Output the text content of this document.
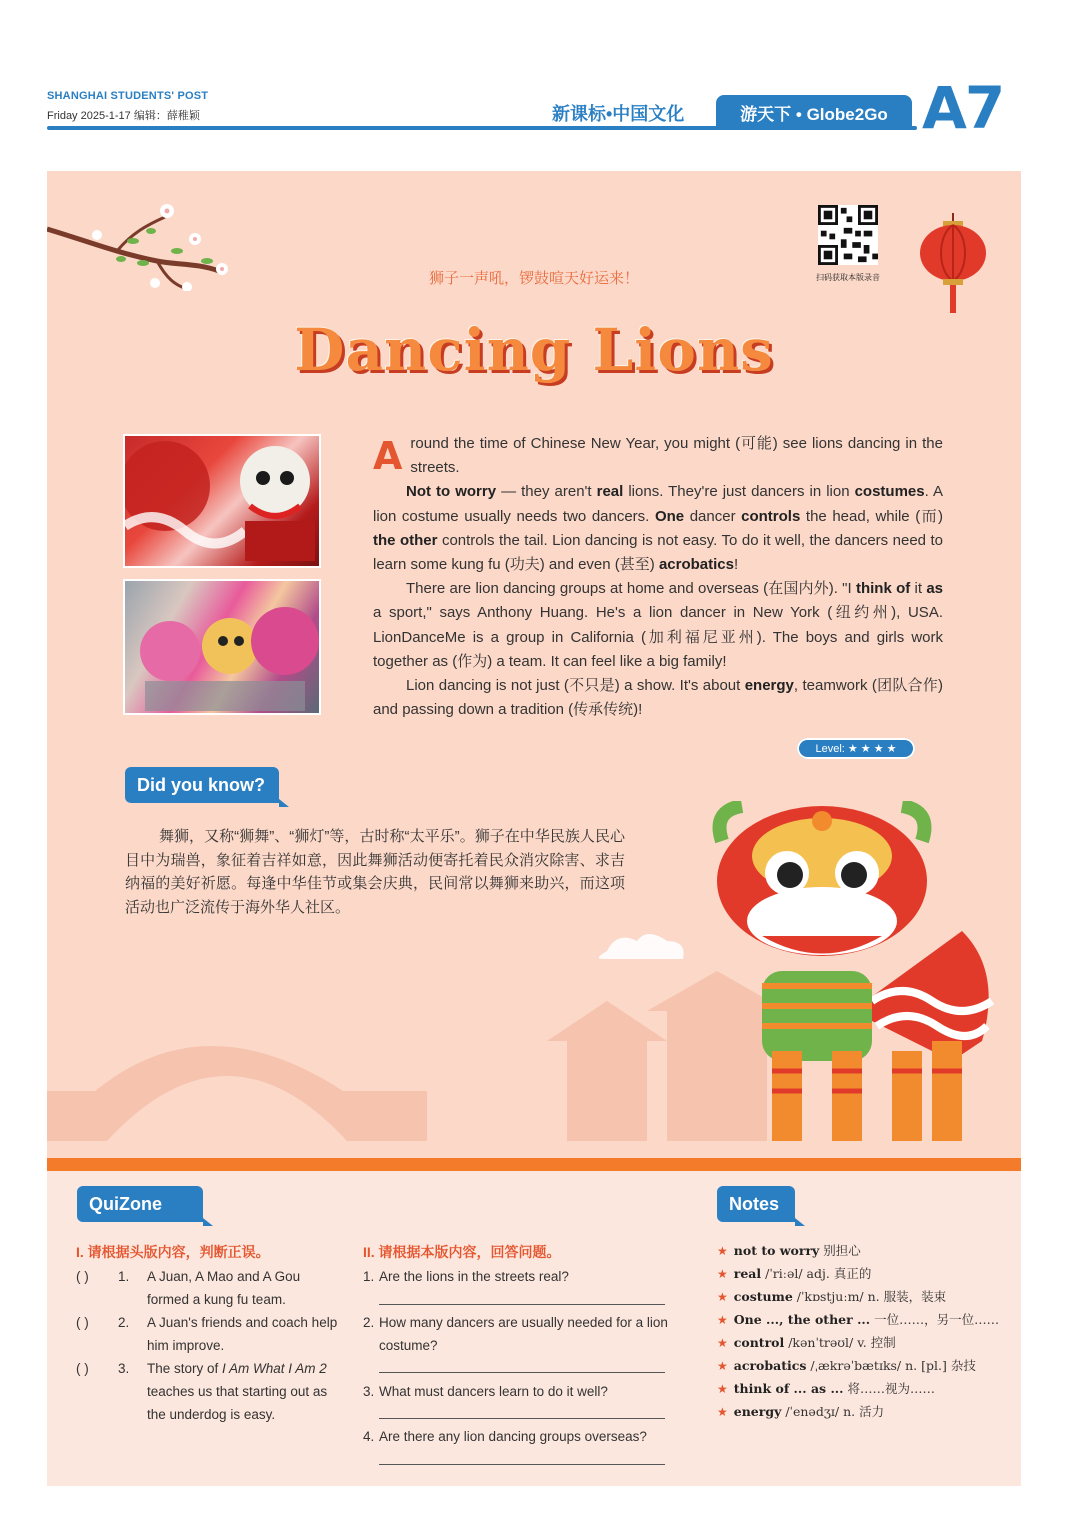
SHANGHAI STUDENTS' POST
Friday 2025-1-17 编辑：薛稚颖	新课标•中国文化	游天下 • Globe2Go A7
扫码获取本版录音
狮子一声吼，锣鼓喧天好运来！
Dancing Lions

Around the time of Chinese New Year, you might (可能) see lions dancing in the streets.

Not to worry — they aren't real lions. They're just dancers in lion costumes. A lion costume usually needs two dancers. One dancer controls the head, while (而) the other controls the tail. Lion dancing is not easy. To do it well, the dancers need to learn some kung fu (功夫) and even (甚至) acrobatics!

There are lion dancing groups at home and overseas (在国内外). "I think of it as a sport," says Anthony Huang. He's a lion dancer in New York (纽约州), USA. LionDanceMe is a group in California (加利福尼亚州). The boys and girls work together as (作为) a team. It can feel like a big family!

Lion dancing is not just (不只是) a show. It's about energy, teamwork (团队合作) and passing down a tradition (传承传统)!

Level: ★ ★ ★ ★
Did you know?
舞狮，又称“狮舞”、“狮灯”等，古时称“太平乐”。狮子在中华民族人民心目中为瑞兽，象征着吉祥如意，因此舞狮活动便寄托着民众消灾除害、求吉纳福的美好祈愿。每逢中华佳节或集会庆典，民间常以舞狮来助兴，而这项活动也广泛流传于海外华人社区。
QuiZone
I. 请根据头版内容，判断正误。	II. 请根据本版内容，回答问题。
( ) 1.	A Juan, A Mao and A Gou formed a kung fu team.
( ) 2.	A Juan's friends and coach help him improve.
( ) 3.	The story of I Am What I Am 2 teaches us that starting out as the underdog is easy.
1. Are the lions in the streets real?
2. How many dancers are usually needed for a lion costume?
3. What must dancers learn to do it well?
4. Are there any lion dancing groups overseas?
Notes
★ not to worry 别担心
★ real /ˈriːəl/ adj. 真正的
★ costume /ˈkɒstjuːm/ n. 服装，装束
★ One ..., the other ... 一位……，另一位……
★ control /kənˈtrəʊl/ v. 控制
★ acrobatics /ˌækrəˈbætɪks/ n. [pl.] 杂技
★ think of ... as ... 将……视为……
★ energy /ˈenədʒɪ/ n. 活力
